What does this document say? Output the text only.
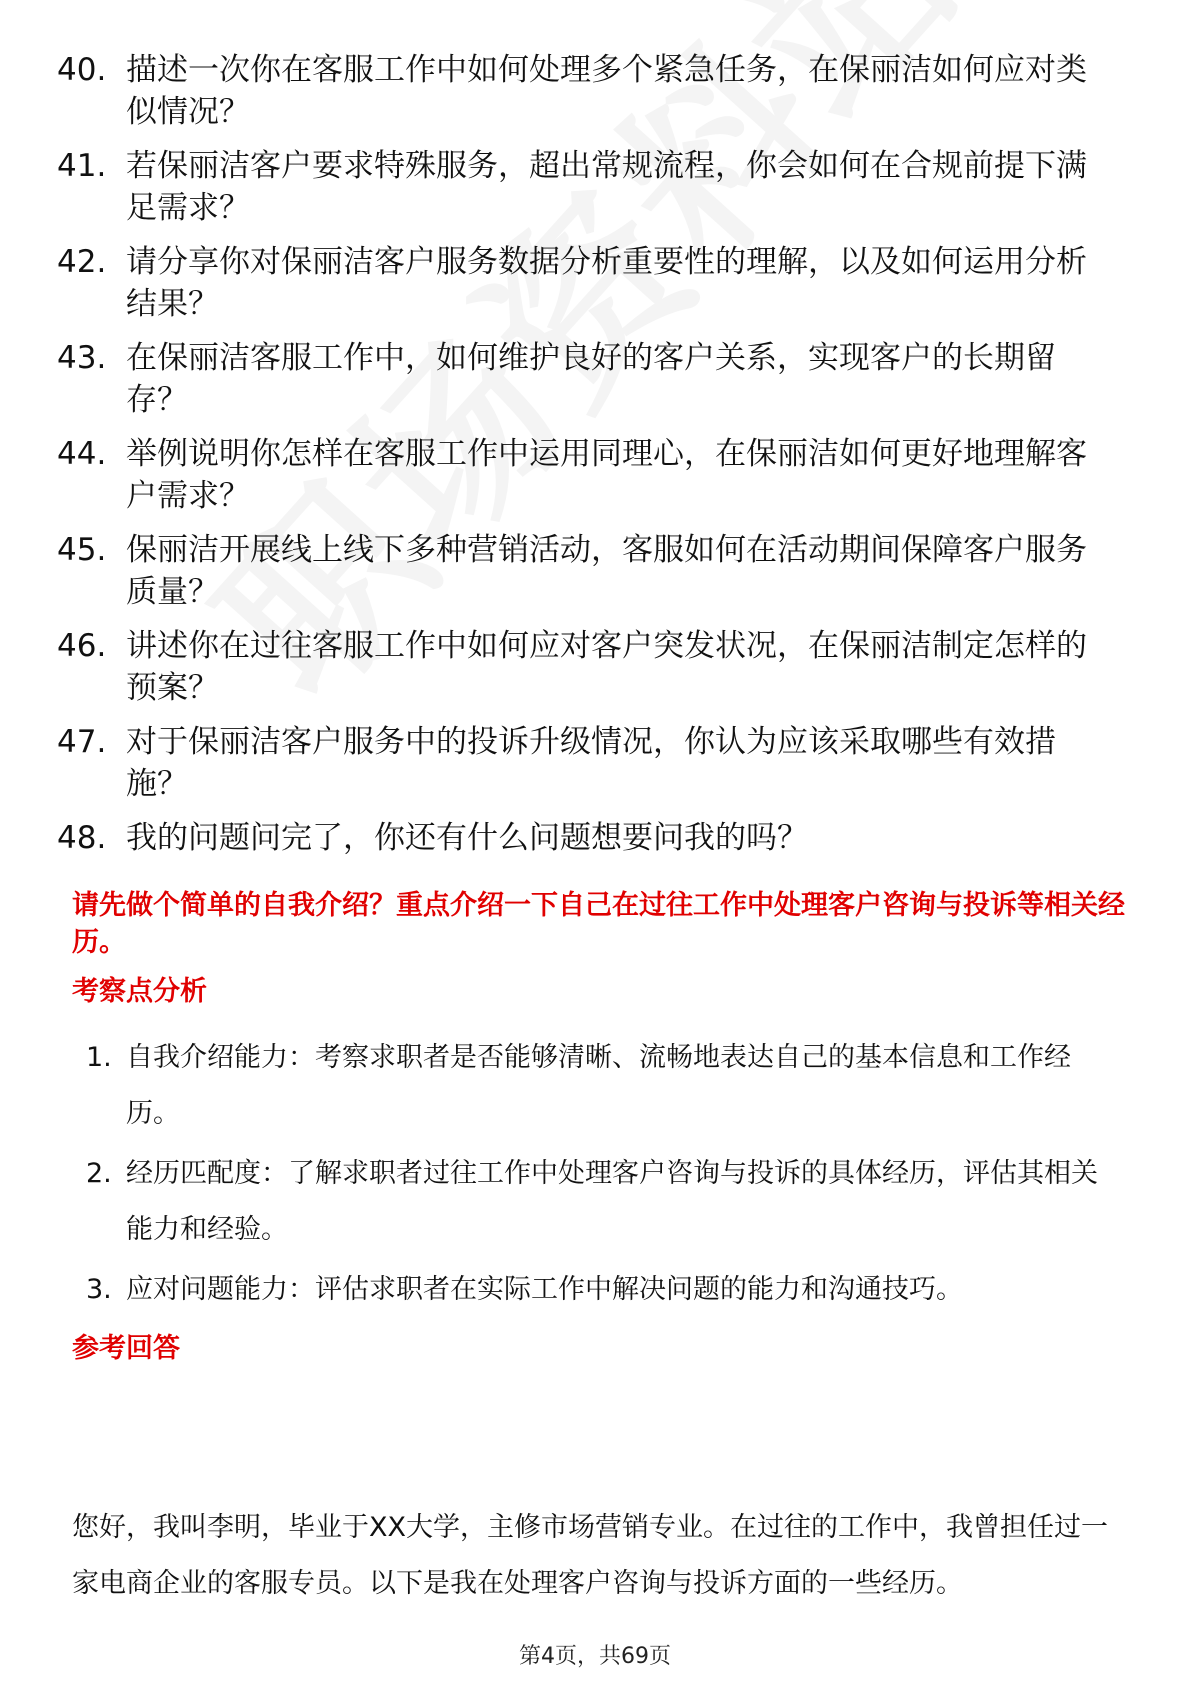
40. 描述一次你在客服工作中如何处理多个紧急任务，在保丽洁如何应对类似情况？
41. 若保丽洁客户要求特殊服务，超出常规流程，你会如何在合规前提下满足需求？
42. 请分享你对保丽洁客户服务数据分析重要性的理解，以及如何运用分析结果？
43. 在保丽洁客服工作中，如何维护良好的客户关系，实现客户的长期留存？
44. 举例说明你怎样在客服工作中运用同理心，在保丽洁如何更好地理解客户需求？
45. 保丽洁开展线上线下多种营销活动，客服如何在活动期间保障客户服务质量？
46. 讲述你在过往客服工作中如何应对客户突发状况，在保丽洁制定怎样的预案？
47. 对于保丽洁客户服务中的投诉升级情况，你认为应该采取哪些有效措施？
48. 我的问题问完了，你还有什么问题想要问我的吗？
请先做个简单的自我介绍？重点介绍一下自己在过往工作中处理客户咨询与投诉等相关经历。
考察点分析
1. 自我介绍能力：考察求职者是否能够清晰、流畅地表达自己的基本信息和工作经历。
2. 经历匹配度：了解求职者过往工作中处理客户咨询与投诉的具体经历，评估其相关能力和经验。
3. 应对问题能力：评估求职者在实际工作中解决问题的能力和沟通技巧。
参考回答
您好，我叫李明，毕业于XX大学，主修市场营销专业。在过往的工作中，我曾担任过一家电商企业的客服专员。以下是我在处理客户咨询与投诉方面的一些经历。
第4页，共69页
